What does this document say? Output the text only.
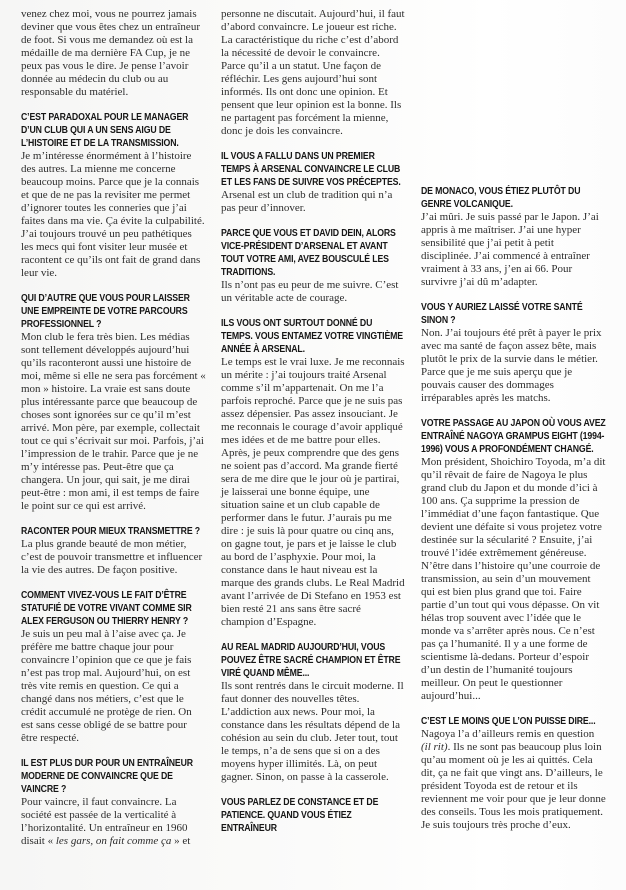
venez chez moi, vous ne pourrez jamais deviner que vous êtes chez un entraîneur de foot. Si vous me demandez où est la médaille de ma dernière FA Cup, je ne peux pas vous le dire. Je pense l’avoir donnée au médecin du club ou au responsable du matériel.

C’EST PARADOXAL POUR LE MANAGER D’UN CLUB QUI A UN SENS AIGU DE L’HISTOIRE ET DE LA TRANSMISSION.

Je m’intéresse énormément à l’histoire des autres. La mienne me concerne beaucoup moins. Parce que je la connais et que de ne pas la revisiter me permet d’ignorer toutes les conneries que j’ai faites dans ma vie. Ça évite la culpabilité. J’ai toujours trouvé un peu pathétiques les mecs qui font visiter leur musée et racontent ce qu’ils ont fait de grand dans leur vie.

QUI D’AUTRE QUE VOUS POUR LAISSER UNE EMPREINTE DE VOTRE PARCOURS PROFESSIONNEL ?

Mon club le fera très bien. Les médias sont tellement développés aujourd’hui qu’ils raconteront aussi une histoire de moi, même si elle ne sera pas forcément « mon » histoire. La vraie est sans doute plus intéressante parce que beaucoup de choses sont ignorées sur ce qu’il m’est arrivé. Mon père, par exemple, collectait tout ce qui s’écrivait sur moi. Parfois, j’ai l’impression de le trahir. Parce que je ne m’y intéresse pas. Peut-être que ça changera. Un jour, qui sait, je me dirai peut-être : mon ami, il est temps de faire le point sur ce qui est arrivé.

RACONTER POUR MIEUX TRANSMETTRE ?

La plus grande beauté de mon métier, c’est de pouvoir transmettre et influencer la vie des autres. De façon positive.

COMMENT VIVEZ-VOUS LE FAIT D’ÊTRE STATUFIÉ DE VOTRE VIVANT COMME SIR ALEX FERGUSON OU THIERRY HENRY ?

Je suis un peu mal à l’aise avec ça. Je préfère me battre chaque jour pour convaincre l’opinion que ce que je fais n’est pas trop mal. Aujourd’hui, on est très vite remis en question. Ce qui a changé dans nos métiers, c’est que le crédit accumulé ne protège de rien. On est sans cesse obligé de se battre pour être respecté.

IL EST PLUS DUR POUR UN ENTRAÎNEUR MODERNE DE CONVAINCRE QUE DE VAINCRE ?

Pour vaincre, il faut convaincre. La société est passée de la verticalité à l’horizontalité. Un entraîneur en 1960 disait « les gars, on fait comme ça » et

personne ne discutait. Aujourd’hui, il faut d’abord convaincre. Le joueur est riche. La caractéristique du riche c’est d’abord la nécessité de devoir le convaincre. Parce qu’il a un statut. Une façon de réfléchir. Les gens aujourd’hui sont informés. Ils ont donc une opinion. Et pensent que leur opinion est la bonne. Ils ne partagent pas forcément la mienne, donc je dois les convaincre.

IL VOUS A FALLU DANS UN PREMIER TEMPS À ARSENAL CONVAINCRE LE CLUB ET LES FANS DE SUIVRE VOS PRÉCEPTES.

Arsenal est un club de tradition qui n’a pas peur d’innover.

PARCE QUE VOUS ET DAVID DEIN, ALORS VICE-PRÉSIDENT D’ARSENAL ET AVANT TOUT VOTRE AMI, AVEZ BOUSCULÉ LES TRADITIONS.

Ils n’ont pas eu peur de me suivre. C’est un véritable acte de courage.

ILS VOUS ONT SURTOUT DONNÉ DU TEMPS. VOUS ENTAMEZ VOTRE VINGTIÈME ANNÉE À ARSENAL.

Le temps est le vrai luxe. Je me reconnais un mérite : j’ai toujours traité Arsenal comme s’il m’appartenait. On me l’a parfois reproché. Parce que je ne suis pas assez dépensier. Pas assez insouciant. Je me reconnais le courage d’avoir appliqué mes idées et de me battre pour elles. Après, je peux comprendre que des gens ne soient pas d’accord. Ma grande fierté sera de me dire que le jour où je partirai, je laisserai une bonne équipe, une situation saine et un club capable de performer dans le futur. J’aurais pu me dire : je suis là pour quatre ou cinq ans, on gagne tout, je pars et je laisse le club au bord de l’asphyxie. Pour moi, la constance dans le haut niveau est la marque des grands clubs. Le Real Madrid avant l’arrivée de Di Stefano en 1953 est bien resté 21 ans sans être sacré champion d’Espagne.

AU REAL MADRID AUJOURD’HUI, VOUS POUVEZ ÊTRE SACRÉ CHAMPION ET ÊTRE VIRÉ QUAND MÊME...

Ils sont rentrés dans le circuit moderne. Il faut donner des nouvelles têtes. L’addiction aux news. Pour moi, la constance dans les résultats dépend de la cohésion au sein du club. Jeter tout, tout le temps, n’a de sens que si on a des moyens hyper illimités. Là, on peut gagner. Sinon, on passe à la casserole.

VOUS PARLEZ DE CONSTANCE ET DE PATIENCE. QUAND VOUS ÉTIEZ ENTRAÎNEUR
DE MONACO, VOUS ÉTIEZ PLUTÔT DU GENRE VOLCANIQUE.

J’ai mûri. Je suis passé par le Japon. J’ai appris à me maîtriser. J’ai une hyper sensibilité que j’ai petit à petit disciplinée. J’ai commencé à entraîner vraiment à 33 ans, j’en ai 66. Pour survivre j’ai dû m’adapter.

VOUS Y AURIEZ LAISSÉ VOTRE SANTÉ SINON ?

Non. J’ai toujours été prêt à payer le prix avec ma santé de façon assez bête, mais plutôt le prix de la survie dans le métier. Parce que je me suis aperçu que je pouvais causer des dommages irréparables après les matchs.

VOTRE PASSAGE AU JAPON OÙ VOUS AVEZ ENTRAÎNÉ NAGOYA GRAMPUS EIGHT (1994-1996) VOUS A PROFONDÉMENT CHANGÉ.

Mon président, Shoichiro Toyoda, m’a dit qu’il rêvait de faire de Nagoya le plus grand club du Japon et du monde d’ici à 100 ans. Ça supprime la pression de l’immédiat d’une façon fantastique. Que devient une défaite si vous projetez votre destinée sur la sécularité ? Ensuite, j’ai trouvé l’idée extrêmement généreuse. N’être dans l’histoire qu’une courroie de transmission, au sein d’un mouvement qui est bien plus grand que toi. Faire partie d’un tout qui vous dépasse. On vit hélas trop souvent avec l’idée que le monde va s’arrêter après nous. Ce n’est pas ça l’humanité. Il y a une forme de scientisme là-dedans. Porteur d’espoir d’un destin de l’humanité toujours meilleur. On peut le questionner aujourd’hui...

C’EST LE MOINS QUE L’ON PUISSE DIRE...

Nagoya l’a d’ailleurs remis en question (il rit). Ils ne sont pas beaucoup plus loin qu’au moment où je les ai quittés. Cela dit, ça ne fait que vingt ans. D’ailleurs, le président Toyoda est de retour et ils reviennent me voir pour que je leur donne des conseils. Tous les mois pratiquement. Je suis toujours très proche d’eux.
